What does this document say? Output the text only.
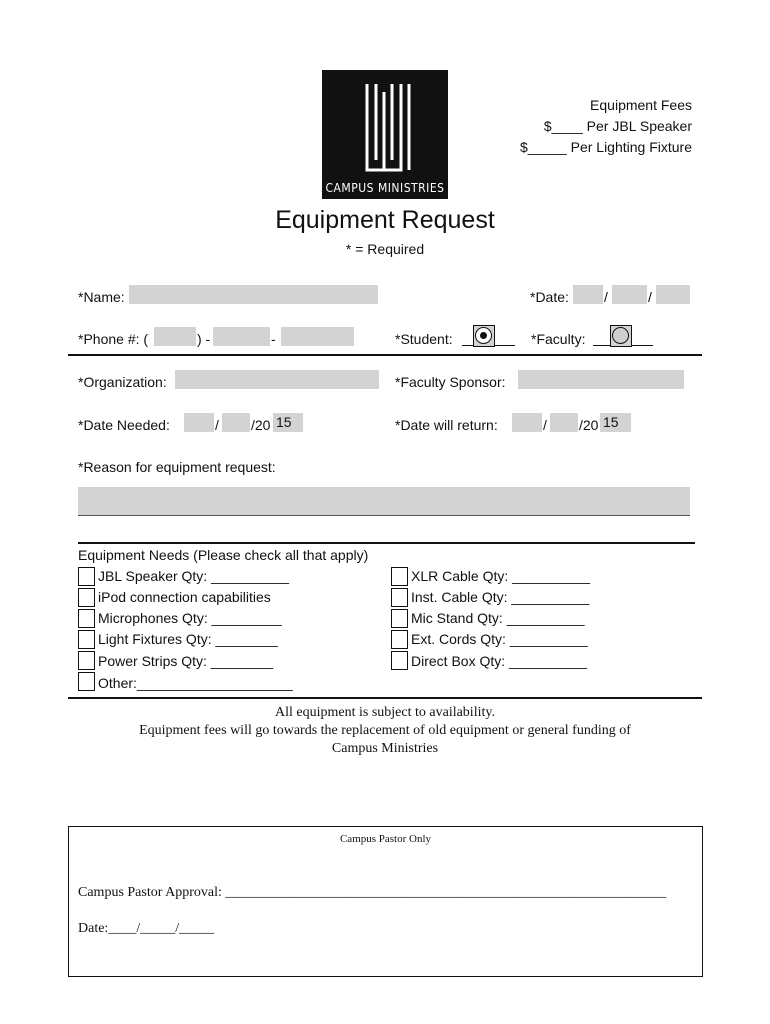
CAMPUS MINISTRIES
Equipment Fees
$____ Per JBL Speaker
$_____ Per Lighting Fixture
Equipment Request
* = Required
*Name:	*Date:	/	/
*Phone #: (	) -	-	*Student:	*Faculty:
*Organization:	*Faculty Sponsor:
*Date Needed:	/ /20 15	*Date will return:	/ /20 15
*Reason for equipment request:
Equipment Needs (Please check all that apply)
JBL Speaker Qty: __________
iPod connection capabilities
Microphones Qty: _________
Light Fixtures Qty: ________
Power Strips Qty: ________
Other:____________________
XLR Cable Qty: __________
Inst. Cable Qty: __________
Mic Stand Qty: __________
Ext. Cords Qty: __________
Direct Box Qty: __________
All equipment is subject to availability.
Equipment fees will go towards the replacement of old equipment or general funding of
Campus Ministries
Campus Pastor Only
Campus Pastor Approval: _______________________________________________________________
Date:____/_____/_____
